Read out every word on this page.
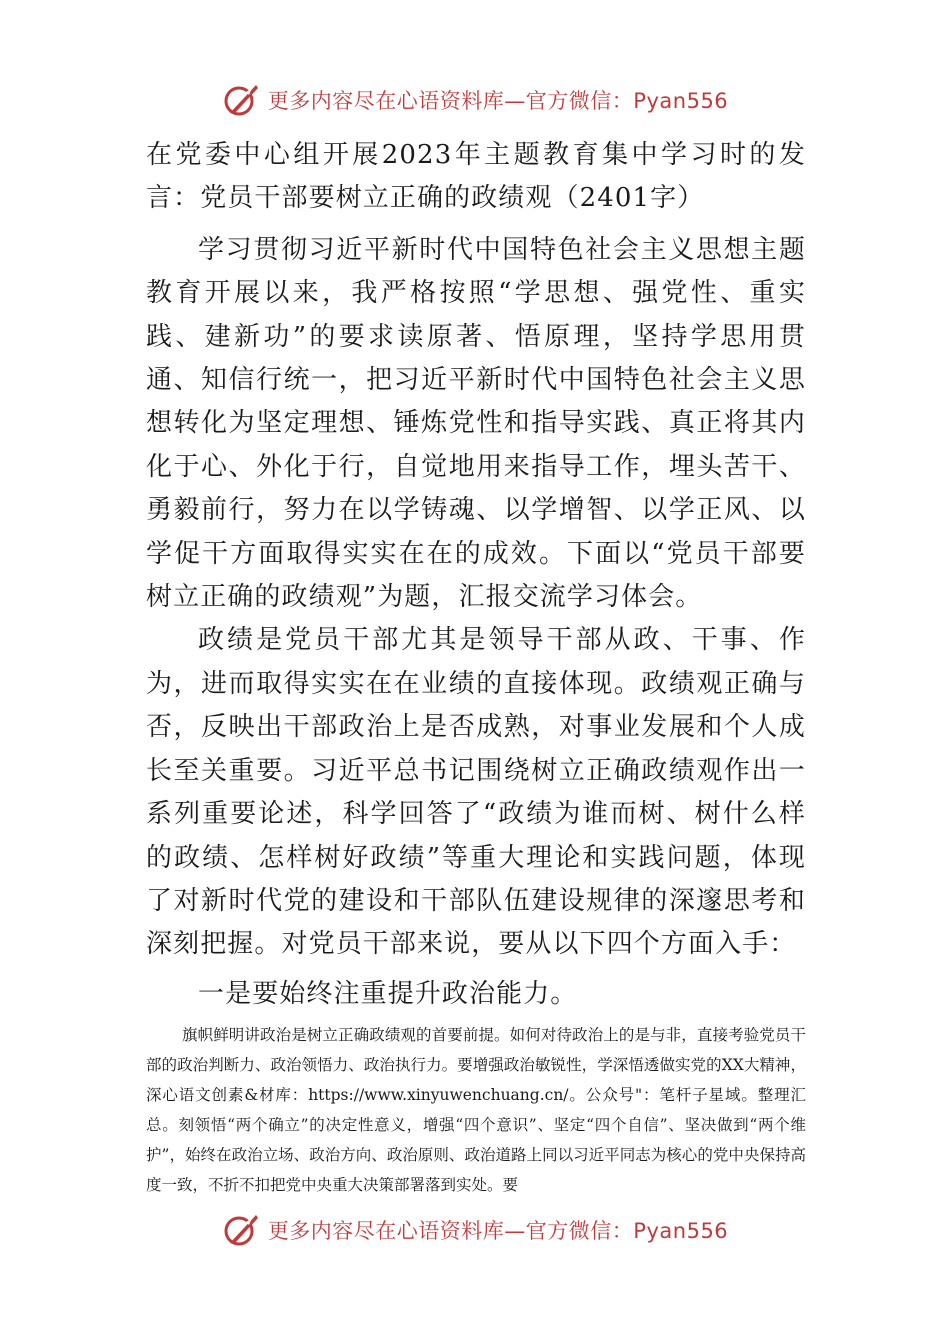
更多内容尽在心语资料库—官方微信：Pyan556

在党委中心组开展2023年主题教育集中学习时的发言：党员干部要树立正确的政绩观（2401字）

学习贯彻习近平新时代中国特色社会主义思想主题教育开展以来，我严格按照“学思想、强党性、重实践、建新功”的要求读原著、悟原理，坚持学思用贯通、知信行统一，把习近平新时代中国特色社会主义思想转化为坚定理想、锤炼党性和指导实践、真正将其内化于心、外化于行，自觉地用来指导工作，埋头苦干、勇毅前行，努力在以学铸魂、以学增智、以学正风、以学促干方面取得实实在在的成效。下面以“党员干部要树立正确的政绩观”为题，汇报交流学习体会。

政绩是党员干部尤其是领导干部从政、干事、作为，进而取得实实在在业绩的直接体现。政绩观正确与否，反映出干部政治上是否成熟，对事业发展和个人成长至关重要。习近平总书记围绕树立正确政绩观作出一系列重要论述，科学回答了“政绩为谁而树、树什么样的政绩、怎样树好政绩”等重大理论和实践问题，体现了对新时代党的建设和干部队伍建设规律的深邃思考和深刻把握。对党员干部来说，要从以下四个方面入手：

一是要始终注重提升政治能力。

旗帜鲜明讲政治是树立正确政绩观的首要前提。如何对待政治上的是与非，直接考验党员干部的政治判断力、政治领悟力、政治执行力。要增强政治敏锐性，学深悟透做实党的XX大精神，深心语文创素&材库：https://www.xinyuwenchuang.cn/。公众号"：笔杆子星域。整理汇总。刻领悟“两个确立”的决定性意义，增强“四个意识”、坚定“四个自信”、坚决做到“两个维护”，始终在政治立场、政治方向、政治原则、政治道路上同以习近平同志为核心的党中央保持高度一致，不折不扣把党中央重大决策部署落到实处。要

更多内容尽在心语资料库—官方微信：Pyan556
